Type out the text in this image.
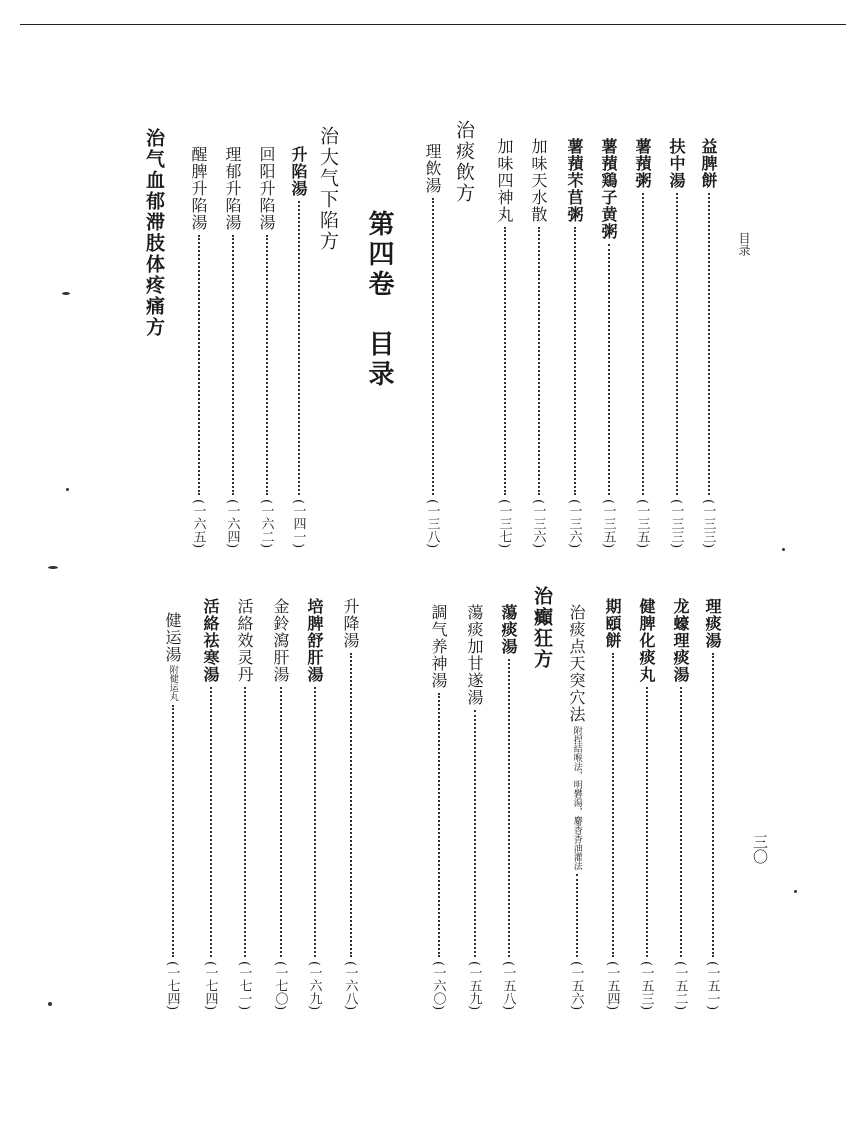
目录
三〇
益脾餅
(一三三)
扶中湯
(一三三)
薯蕷粥
(一三五)
薯蕷鶏子黄粥
(一三五)
薯蕷芣苢粥
(一三六)
加味天水散
(一三六)
加味四神丸
(一三七)
治痰飲方
理飲湯
(一三八)
第四卷　目录
治大气下陷方
升陷湯
(一四一)
回阳升陷湯
(一六二)
理郁升陷湯
(一六四)
醒脾升陷湯
(一六五)
治气血郁滞肢体疼痛方
理痰湯
(一五一)
龙蠔理痰湯
(一五二)
健脾化痰丸
(一五三)
期頤餅
(一五四)
治癲狂方 治痰点天突穴法
附捏結喉法，明礬湯，麝香香油灌法
(一五六)
蕩痰湯
(一五八)
蕩痰加甘遂湯
(一五九)
調气养神湯
(一六〇)
升降湯
(一六八)
培脾舒肝湯
(一六九)
金鈴瀉肝湯
(一七〇)
活絡效灵丹
(一七一)
活絡祛寒湯
(一七四)
健运湯
附健运丸
(一七四)
